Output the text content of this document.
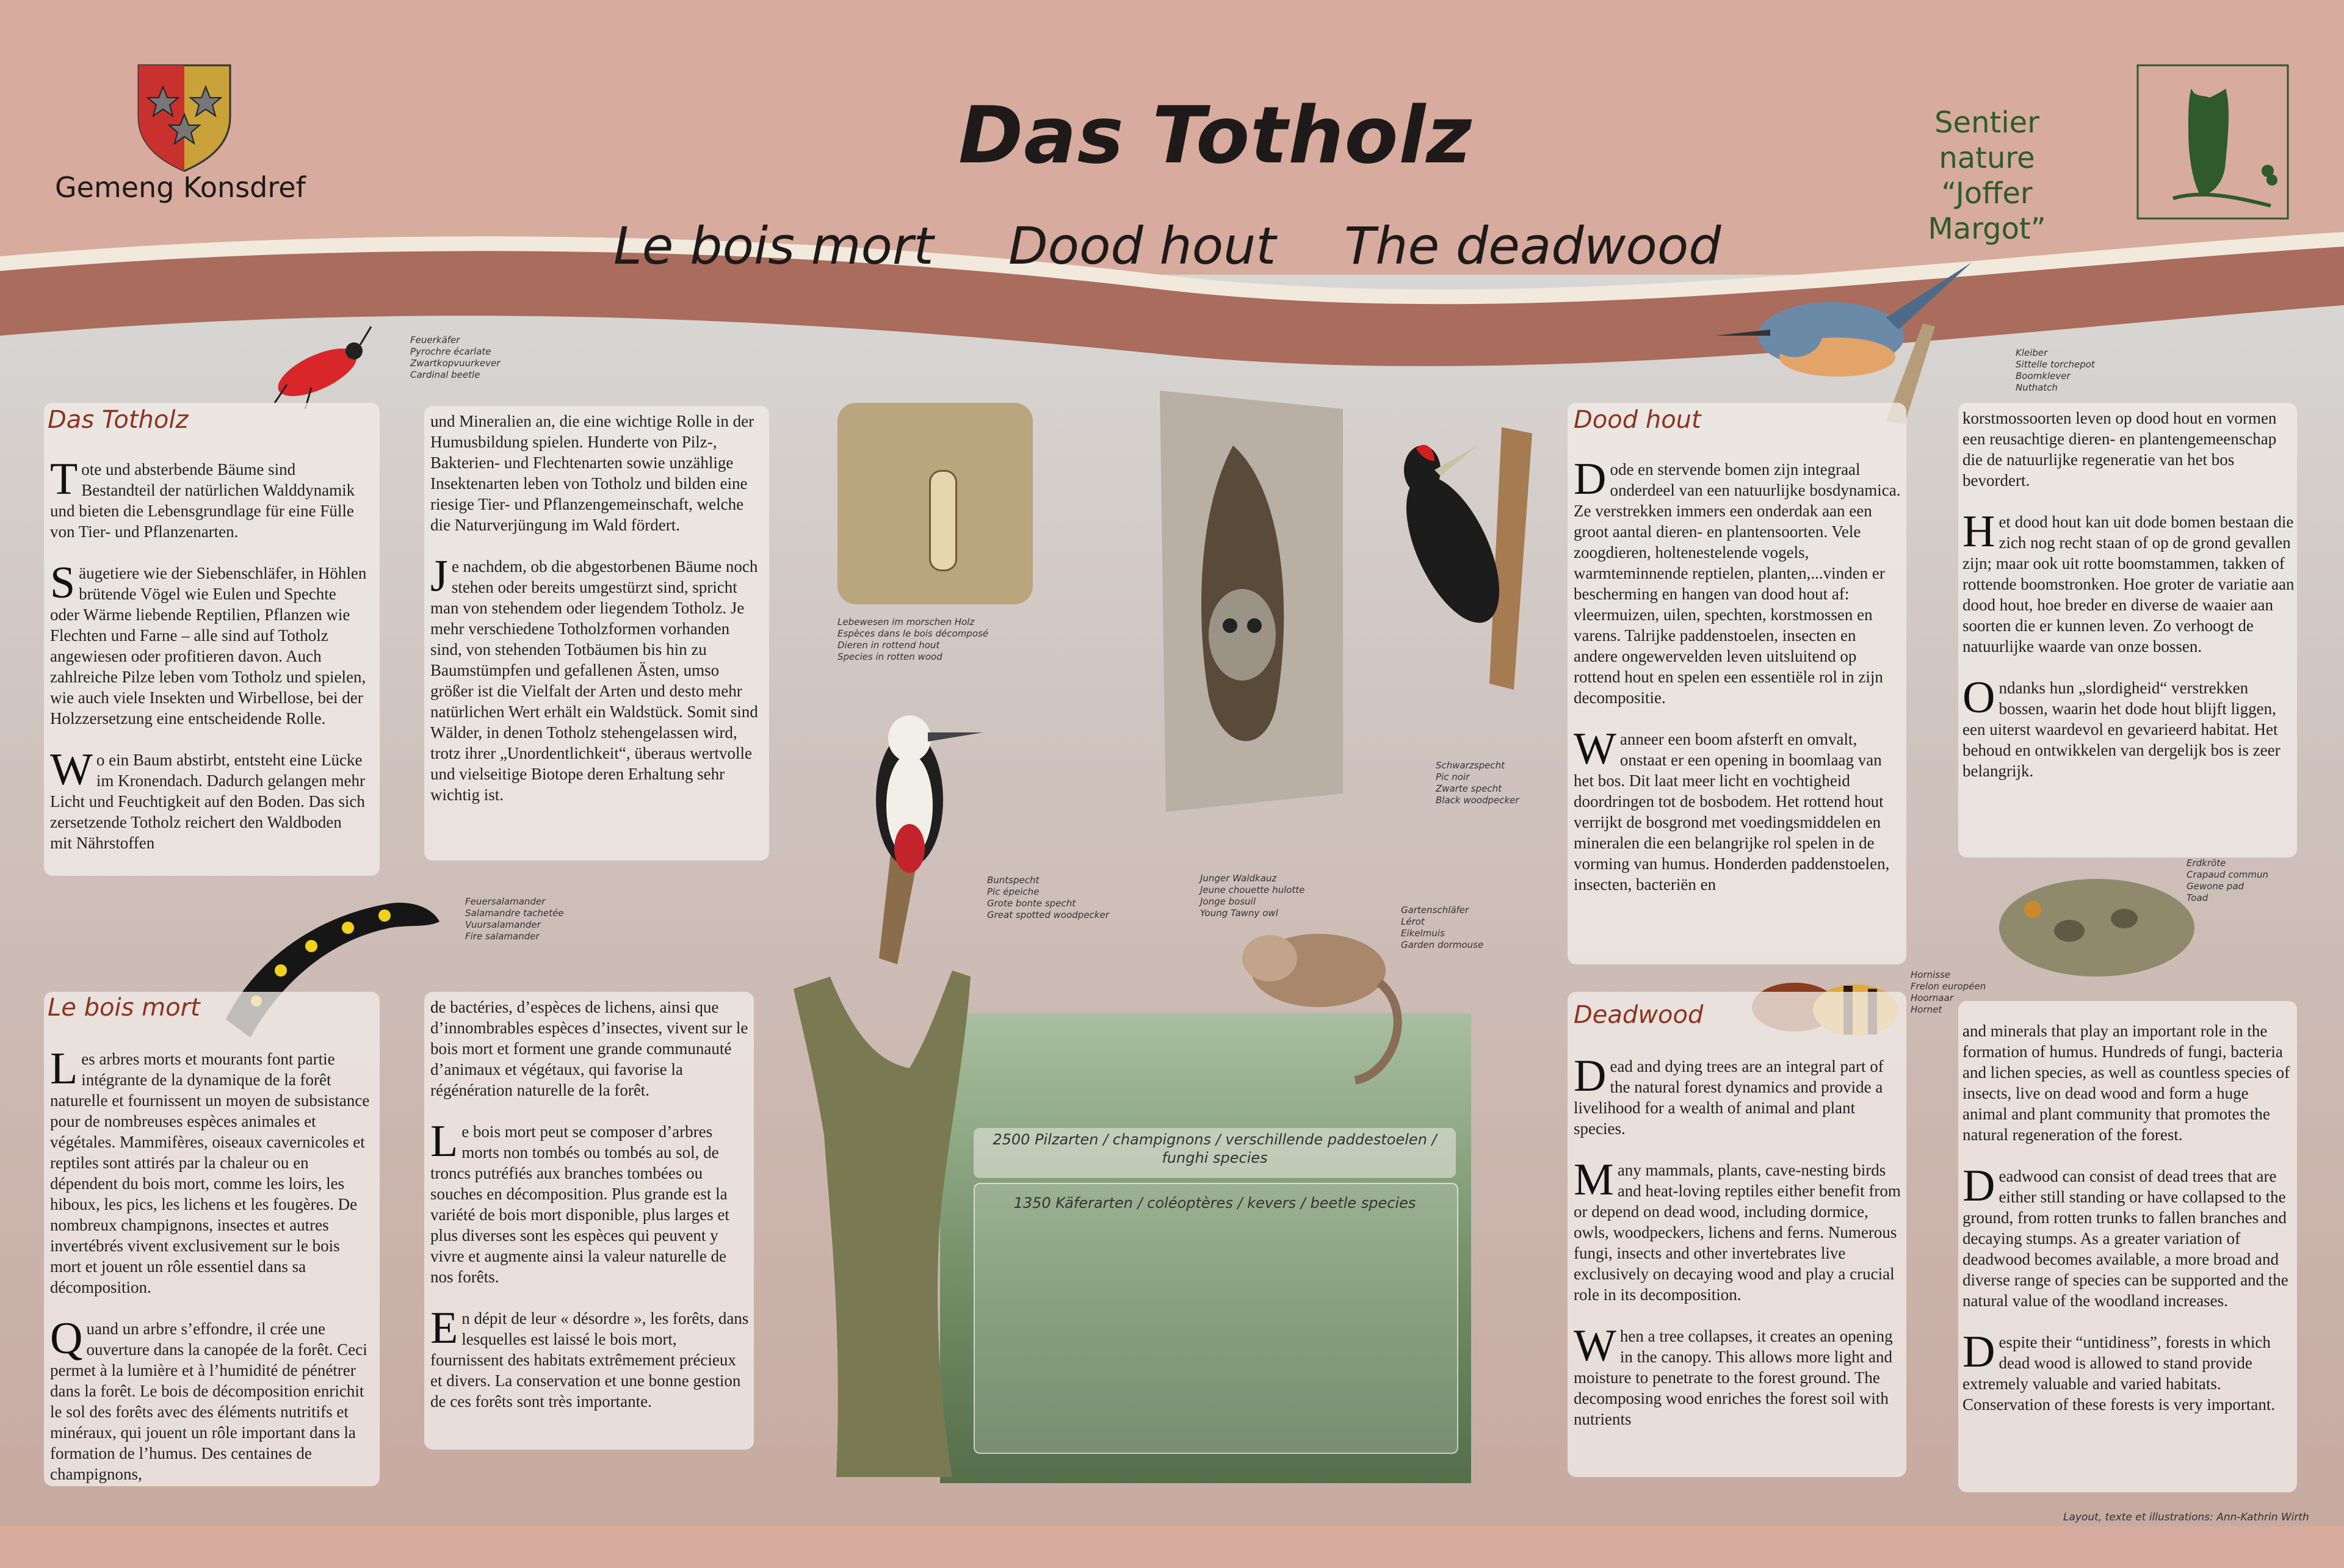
Gemeng Konsdref
Das Totholz
Le bois mort Dood hout The deadwood
Sentier nature
“Joffer Margot”
Feuerkäfer
Pyrochre écarlate
Zwartkopvuurkever
Cardinal beetle
Kleiber
Sittelle torchepot
Boomklever
Nuthatch
Lebewesen im morschen Holz
Espèces dans le bois décomposé
Dieren in rottend hout
Species in rotten wood
Schwarzspecht
Pic noir
Zwarte specht
Black woodpecker
Buntspecht
Pic épeiche
Grote bonte specht
Great spotted woodpecker
Junger Waldkauz
Jeune chouette hulotte
Jonge bosuil
Young Tawny owl	Gartenschläfer
Lérot
Eikelmuis
Garden dormouse
Feuersalamander
Salamandre tachetée
Vuursalamander
Fire salamander
Erdkröte
Crapaud commun
Gewone pad
Toad
Hornisse
Frelon européen
Hoornaar
Hornet
2500 Pilzarten / champignons / verschillende paddestoelen / funghi species
1350 Käferarten / coléoptères / kevers / beetle species
Das Totholz

Tote und absterbende Bäume sind Bestandteil der natürlichen Walddynamik und bieten die Lebensgrundlage für eine Fülle von Tier- und Pflanzenarten.

Säugetiere wie der Siebenschläfer, in Höhlen brütende Vögel wie Eulen und Spechte oder Wärme liebende Reptilien, Pflanzen wie Flechten und Farne – alle sind auf Totholz angewiesen oder profitieren davon. Auch zahlreiche Pilze leben vom Totholz und spielen, wie auch viele Insekten und Wirbellose, bei der Holzzersetzung eine entscheidende Rolle.

Wo ein Baum abstirbt, entsteht eine Lücke im Kronendach. Dadurch gelangen mehr Licht und Feuchtigkeit auf den Boden. Das sich zersetzende Totholz reichert den Waldboden mit Nährstoffen

und Mineralien an, die eine wichtige Rolle in der Humusbildung spielen. Hunderte von Pilz-, Bakterien- und Flechtenarten sowie unzählige Insektenarten leben von Totholz und bilden eine riesige Tier- und Pflanzengemeinschaft, welche die Naturverjüngung im Wald fördert.

Je nachdem, ob die abgestorbenen Bäume noch stehen oder bereits umgestürzt sind, spricht man von stehendem oder liegendem Totholz. Je mehr verschiedene Totholzformen vorhanden sind, von stehenden Totbäumen bis hin zu Baumstümpfen und gefallenen Ästen, umso größer ist die Vielfalt der Arten und desto mehr natürlichen Wert erhält ein Waldstück. Somit sind Wälder, in denen Totholz stehengelassen wird, trotz ihrer „Unordentlichkeit“, überaus wertvolle und vielseitige Biotope deren Erhaltung sehr wichtig ist.

Le bois mort

Les arbres morts et mourants font partie intégrante de la dynamique de la forêt naturelle et fournissent un moyen de subsistance pour de nombreuses espèces animales et végétales. Mammifères, oiseaux cavernicoles et reptiles sont attirés par la chaleur ou en dépendent du bois mort, comme les loirs, les hiboux, les pics, les lichens et les fougères. De nombreux champignons, insectes et autres invertébrés vivent exclusivement sur le bois mort et jouent un rôle essentiel dans sa décomposition.

Quand un arbre s’effondre, il crée une ouverture dans la canopée de la forêt. Ceci permet à la lumière et à l’humidité de pénétrer dans la forêt. Le bois de décomposition enrichit le sol des forêts avec des éléments nutritifs et minéraux, qui jouent un rôle important dans la formation de l’humus. Des centaines de champignons,

de bactéries, d’espèces de lichens, ainsi que d’innombrables espèces d’insectes, vivent sur le bois mort et forment une grande communauté d’animaux et végétaux, qui favorise la régénération naturelle de la forêt.

Le bois mort peut se composer d’arbres morts non tombés ou tombés au sol, de troncs putréfiés aux branches tombées ou souches en décomposition. Plus grande est la variété de bois mort disponible, plus larges et plus diverses sont les espèces qui peuvent y vivre et augmente ainsi la valeur naturelle de nos forêts.

En dépit de leur « désordre », les forêts, dans lesquelles est laissé le bois mort, fournissent des habitats extrêmement précieux et divers. La conservation et une bonne gestion de ces forêts sont très importante.

Dood hout

Dode en stervende bomen zijn integraal onderdeel van een natuurlijke bosdynamica. Ze verstrekken immers een onderdak aan een groot aantal dieren- en plantensoorten. Vele zoogdieren, holtenestelende vogels, warmteminnende reptielen, planten,...vinden er bescherming en hangen van dood hout af: vleermuizen, uilen, spechten, korstmossen en varens. Talrijke paddenstoelen, insecten en andere ongewervelden leven uitsluitend op rottend hout en spelen een essentiële rol in zijn decompositie.

Wanneer een boom afsterft en omvalt, onstaat er een opening in boomlaag van het bos. Dit laat meer licht en vochtigheid doordringen tot de bosbodem. Het rottend hout verrijkt de bosgrond met voedingsmiddelen en mineralen die een belangrijke rol spelen in de vorming van humus. Honderden paddenstoelen, insecten, bacteriën en

korstmossoorten leven op dood hout en vormen een reusachtige dieren- en plantengemeenschap die de natuurlijke regeneratie van het bos bevordert.

Het dood hout kan uit dode bomen bestaan die zich nog recht staan of op de grond gevallen zijn; maar ook uit rotte boomstammen, takken of rottende boomstronken. Hoe groter de variatie aan dood hout, hoe breder en diverse de waaier aan soorten die er kunnen leven. Zo verhoogt de natuurlijke waarde van onze bossen.

Ondanks hun „slordigheid“ verstrekken bossen, waarin het dode hout blijft liggen, een uiterst waardevol en gevarieerd habitat. Het behoud en ontwikkelen van dergelijk bos is zeer belangrijk.

Deadwood

Dead and dying trees are an integral part of the natural forest dynamics and provide a livelihood for a wealth of animal and plant species.

Many mammals, plants, cave-nesting birds and heat-loving reptiles either benefit from or depend on dead wood, including dormice, owls, woodpeckers, lichens and ferns. Numerous fungi, insects and other invertebrates live exclusively on decaying wood and play a crucial role in its decomposition.

When a tree collapses, it creates an opening in the canopy. This allows more light and moisture to penetrate to the forest ground. The decomposing wood enriches the forest soil with nutrients

and minerals that play an important role in the formation of humus. Hundreds of fungi, bacteria and lichen species, as well as countless species of insects, live on dead wood and form a huge animal and plant community that promotes the natural regeneration of the forest.

Deadwood can consist of dead trees that are either still standing or have collapsed to the ground, from rotten trunks to fallen branches and decaying stumps. As a greater variation of deadwood becomes available, a more broad and diverse range of species can be supported and the natural value of the woodland increases.

Despite their “untidiness”, forests in which dead wood is allowed to stand provide extremely valuable and varied habitats. Conservation of these forests is very important.

Layout, texte et illustrations: Ann-Kathrin Wirth
